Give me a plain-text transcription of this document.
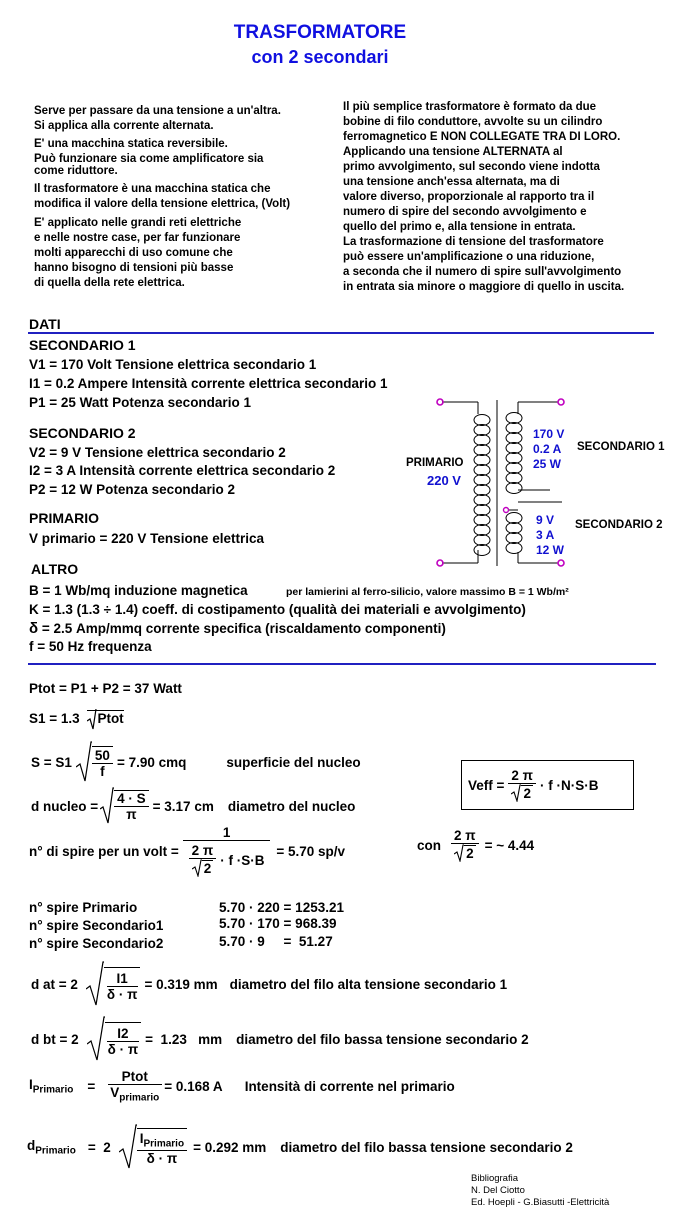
TRASFORMATORE
con 2 secondari
Serve per passare da una tensione a un'altra.
Si applica alla corrente alternata.
E' una macchina statica reversibile.
Può funzionare sia come amplificatore sia
come riduttore.
Il trasformatore è una macchina statica che
modifica il valore della tensione elettrica, (Volt)
E' applicato nelle grandi reti elettriche
e nelle nostre case, per far funzionare
molti apparecchi di uso comune che
hanno bisogno di tensioni più basse
di quella della rete elettrica.
Il più semplice trasformatore è formato da due
bobine di filo conduttore, avvolte su un cilindro
ferromagnetico E NON COLLEGATE TRA DI LORO.
Applicando una tensione ALTERNATA al
primo avvolgimento, sul secondo viene indotta
una tensione anch'essa alternata, ma di
valore diverso, proporzionale al rapporto tra il
numero di spire del secondo avvolgimento e
quello del primo e, alla tensione in entrata.
La trasformazione di tensione del trasformatore
può essere un'amplificazione o una riduzione,
a seconda che il numero di spire sull'avvolgimento
in entrata sia minore o maggiore di quello in uscita.
DATI
SECONDARIO 1
V1 = 170 Volt Tensione elettrica secondario 1
I1 = 0.2 Ampere Intensità corrente elettrica secondario 1
P1 = 25 Watt Potenza secondario 1
SECONDARIO 2
V2 = 9 V Tensione elettrica secondario 2
I2 = 3 A Intensità corrente elettrica secondario 2
P2 = 12 W Potenza secondario 2
PRIMARIO
V primario = 220 V Tensione elettrica
ALTRO
B = 1 Wb/mq induzione magnetica	per lamierini al ferro-silicio, valore massimo B = 1 Wb/m²
K = 1.3 (1.3 ÷ 1.4) coeff. di costipamento (qualità dei materiali e avvolgimento)
δ = 2.5 Amp/mmq corrente specifica (riscaldamento componenti)
f = 50 Hz frequenza
PRIMARIO
220 V
170 V
0.2 A
25 W
SECONDARIO 1
9 V
3 A
12 W
SECONDARIO 2
Ptot = P1 + P2 = 37 Watt
S1 = 1.3 Ptot
$S = S1 \frac{50}{f} = 7.90$ cmq	superficie del nucleo
Veff = $\frac{2 \pi}{2} \cdot f \cdot N\cdot S\cdot B$
d nucleo = $\frac{4 \cdot S}{\pi} = 3.17$ cm diametro del nucleo
n° di spire per un volt =
1
$\frac{2 \pi}{2} \cdot f \cdot S\cdot B$
= 5.70 sp/v	con $\frac{2 \pi}{2}$ = ~ 4.44
n° spire Primario	5.70 · 220 = 1253.21
n° spire Secondario1	5.70 · 170 = 968.39
n° spire Secondario2	5.70 · 9     =  51.27
d at = $2 \frac{I1}{\delta \cdot \pi} = 0.319$ mm diametro del filo alta tensione secondario 1
d bt = $2 \frac{I2}{\delta \cdot \pi} = 1.23$   mm diametro del filo bassa tensione secondario 2
$I_{Primario} = \frac{\text{Ptot}}{V_{primario}} = 0.168$ A Intensità di corrente nel primario
$d_{Primario} = 2 \frac{I_{Primario}}{\delta \cdot \pi} = 0.292$ mm diametro del filo bassa tensione secondario 2
Bibliografia
N. Del Ciotto
Ed. Hoepli - G.Biasutti -Elettricità
